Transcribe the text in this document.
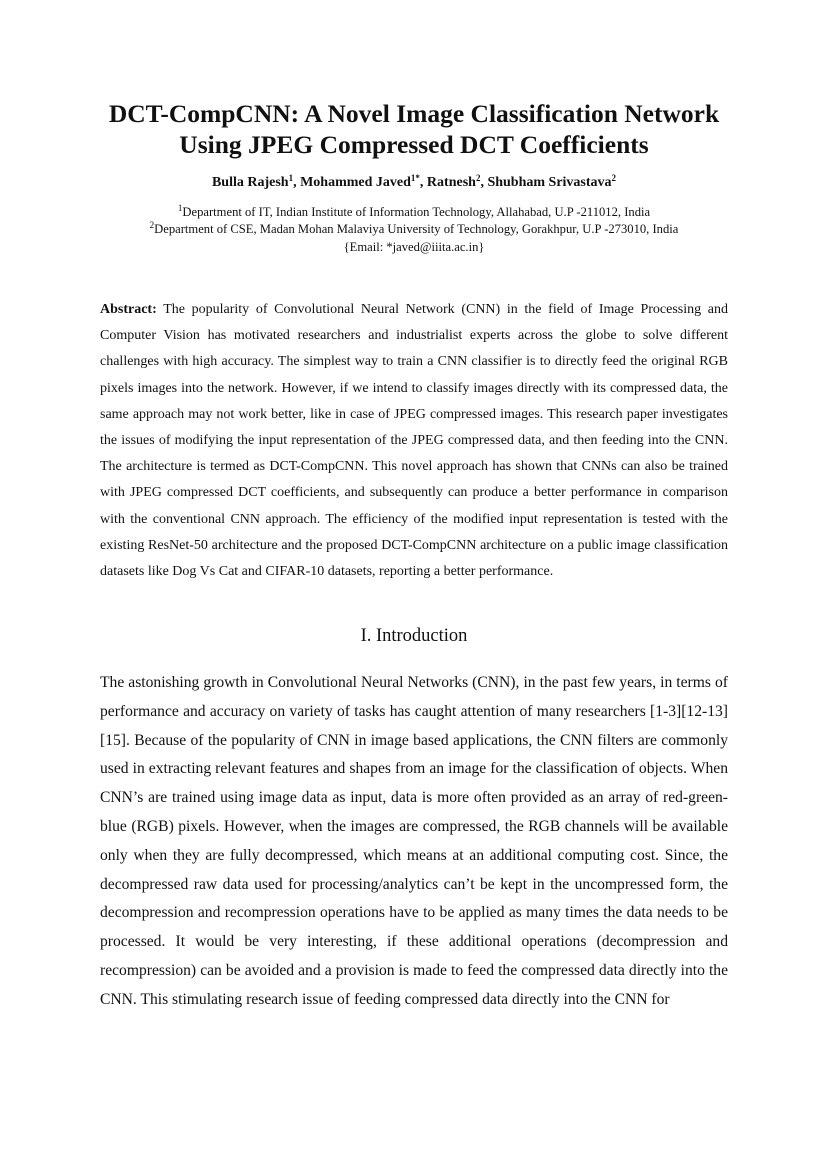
DCT-CompCNN: A Novel Image Classification Network
Using JPEG Compressed DCT Coefficients
Bulla Rajesh$^1$, Mohammed Javed$^{1*}$, Ratnesh$^2$, Shubham Srivastava$^2$
$^1$Department of IT, Indian Institute of Information Technology, Allahabad, U.P -211012, India
$^2$Department of CSE, Madan Mohan Malaviya University of Technology, Gorakhpur, U.P -273010, India
{Email: *javed@iiita.ac.in}

Abstract: The popularity of Convolutional Neural Network (CNN) in the field of Image Processing and Computer Vision has motivated researchers and industrialist experts across the globe to solve different challenges with high accuracy. The simplest way to train a CNN classifier is to directly feed the original RGB pixels images into the network. However, if we intend to classify images directly with its compressed data, the same approach may not work better, like in case of JPEG compressed images. This research paper investigates the issues of modifying the input representation of the JPEG compressed data, and then feeding into the CNN. The architecture is termed as DCT-CompCNN. This novel approach has shown that CNNs can also be trained with JPEG compressed DCT coefficients, and subsequently can produce a better performance in comparison with the conventional CNN approach. The efficiency of the modified input representation is tested with the existing ResNet-50 architecture and the proposed DCT-CompCNN architecture on a public image classification datasets like Dog Vs Cat and CIFAR-10 datasets, reporting a better performance.

I. Introduction

The astonishing growth in Convolutional Neural Networks (CNN), in the past few years, in terms of performance and accuracy on variety of tasks has caught attention of many researchers [1-3][12-13][15]. Because of the popularity of CNN in image based applications, the CNN filters are commonly used in extracting relevant features and shapes from an image for the classification of objects. When CNN’s are trained using image data as input, data is more often provided as an array of red-green-blue (RGB) pixels. However, when the images are compressed, the RGB channels will be available only when they are fully decompressed, which means at an additional computing cost. Since, the decompressed raw data used for processing/analytics can’t be kept in the uncompressed form, the decompression and recompression operations have to be applied as many times the data needs to be processed. It would be very interesting, if these additional operations (decompression and recompression) can be avoided and a provision is made to feed the compressed data directly into the CNN. This stimulating research issue of feeding compressed data directly into the CNN for
